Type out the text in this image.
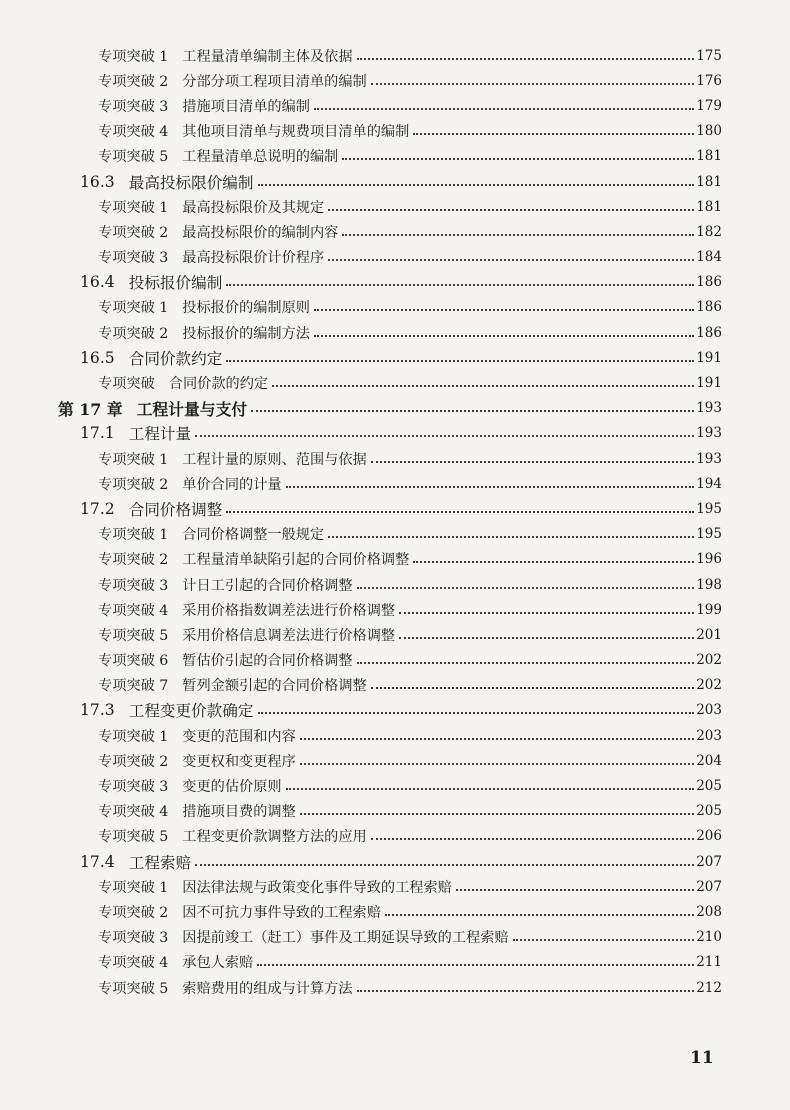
专项突破 1 工程量清单编制主体及依据	175
专项突破 2 分部分项工程项目清单的编制	176
专项突破 3 措施项目清单的编制	179
专项突破 4 其他项目清单与规费项目清单的编制	180
专项突破 5 工程量清单总说明的编制	181
16.3 最高投标限价编制	181
专项突破 1 最高投标限价及其规定	181
专项突破 2 最高投标限价的编制内容	182
专项突破 3 最高投标限价计价程序	184
16.4 投标报价编制	186
专项突破 1 投标报价的编制原则	186
专项突破 2 投标报价的编制方法	186
16.5 合同价款约定	191
专项突破 合同价款的约定	191
第 17 章 工程计量与支付	193
17.1 工程计量	193
专项突破 1 工程计量的原则、范围与依据	193
专项突破 2 单价合同的计量	194
17.2 合同价格调整	195
专项突破 1 合同价格调整一般规定	195
专项突破 2 工程量清单缺陷引起的合同价格调整	196
专项突破 3 计日工引起的合同价格调整	198
专项突破 4 采用价格指数调差法进行价格调整	199
专项突破 5 采用价格信息调差法进行价格调整	201
专项突破 6 暂估价引起的合同价格调整	202
专项突破 7 暂列金额引起的合同价格调整	202
17.3 工程变更价款确定	203
专项突破 1 变更的范围和内容	203
专项突破 2 变更权和变更程序	204
专项突破 3 变更的估价原则	205
专项突破 4 措施项目费的调整	205
专项突破 5 工程变更价款调整方法的应用	206
17.4 工程索赔	207
专项突破 1 因法律法规与政策变化事件导致的工程索赔	207
专项突破 2 因不可抗力事件导致的工程索赔	208
专项突破 3 因提前竣工（赶工）事件及工期延误导致的工程索赔	210
专项突破 4 承包人索赔	211
专项突破 5 索赔费用的组成与计算方法	212
11
